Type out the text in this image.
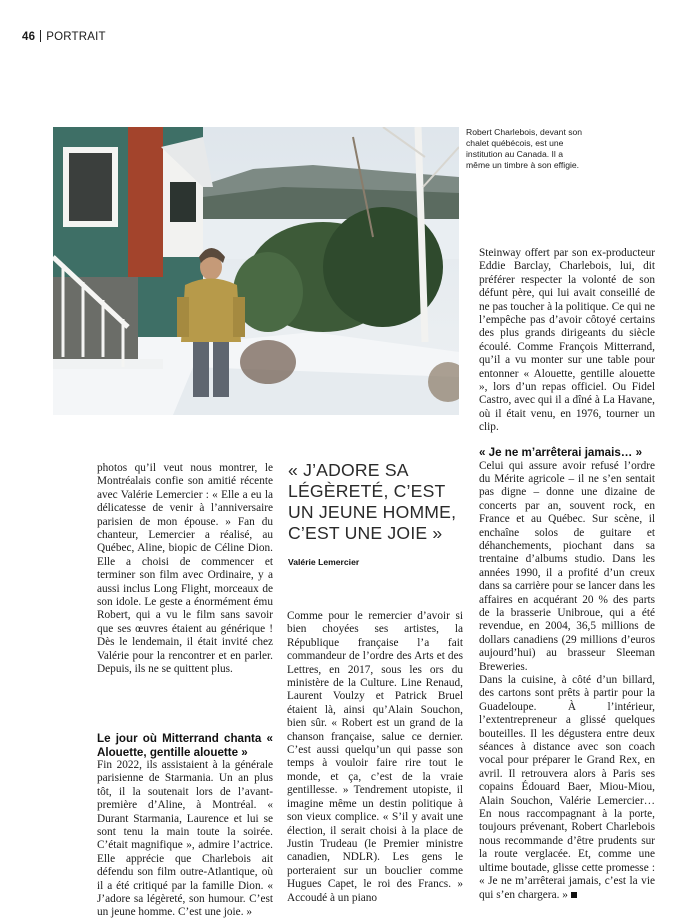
46 PORTRAIT
Robert Charlebois, devant son chalet québécois, est une institution au Canada. Il a même un timbre à son effigie.

photos qu’il veut nous montrer, le Montréalais confie son amitié récente avec Valérie Lemercier : « Elle a eu la délicatesse de venir à l’anniversaire parisien de mon épouse. » Fan du chanteur, Lemercier a réalisé, au Québec, Aline, biopic de Céline Dion. Elle a choisi de commencer et terminer son film avec Ordinaire, y a aussi inclus Long Flight, morceaux de son idole. Le geste a énormément ému Robert, qui a vu le film sans savoir que ses œuvres étaient au générique ! Dès le lendemain, il était invité chez Valérie pour la rencontrer et en parler. Depuis, ils ne se quittent plus.

Le jour où Mitterrand chanta « Alouette, gentille alouette »

Fin 2022, ils assistaient à la générale parisienne de Starmania. Un an plus tôt, il la soutenait lors de l’avant-première d’Aline, à Montréal. « Durant Starmania, Laurence et lui se sont tenu la main toute la soirée. C’était magnifique », admire l’actrice. Elle apprécie que Charlebois ait défendu son film outre-Atlantique, où il a été critiqué par la famille Dion. « J’adore sa légèreté, son humour. C’est un jeune homme. C’est une joie. »

« J’ADORE SA LÉGÈRETÉ, C’EST UN JEUNE HOMME, C’EST UNE JOIE »
Valérie Lemercier

Comme pour le remercier d’avoir si bien choyées ses artistes, la République française l’a fait commandeur de l’ordre des Arts et des Lettres, en 2017, sous les ors du ministère de la Culture. Line Renaud, Laurent Voulzy et Patrick Bruel étaient là, ainsi qu’Alain Souchon, bien sûr. « Robert est un grand de la chanson française, salue ce dernier. C’est aussi quelqu’un qui passe son temps à vouloir faire rire tout le monde, et ça, c’est de la vraie gentillesse. » Tendrement utopiste, il imagine même un destin politique à son vieux complice. « S’il y avait une élection, il serait choisi à la place de Justin Trudeau (le Premier ministre canadien, NDLR). Les gens le porteraient sur un bouclier comme Hugues Capet, le roi des Francs. » Accoudé à un piano

Steinway offert par son ex-producteur Eddie Barclay, Charlebois, lui, dit préférer respecter la volonté de son défunt père, qui lui avait conseillé de ne pas toucher à la politique. Ce qui ne l’empêche pas d’avoir côtoyé certains des plus grands dirigeants du siècle écoulé. Comme François Mitterrand, qu’il a vu monter sur une table pour entonner « Alouette, gentille alouette », lors d’un repas officiel. Ou Fidel Castro, avec qui il a dîné à La Havane, où il était venu, en 1976, tourner un clip.

« Je ne m’arrêterai jamais… »

Celui qui assure avoir refusé l’ordre du Mérite agricole – il ne s’en sentait pas digne – donne une dizaine de concerts par an, souvent rock, en France et au Québec. Sur scène, il enchaîne solos de guitare et déhanchements, piochant dans sa trentaine d’albums studio. Dans les années 1990, il a profité d’un creux dans sa carrière pour se lancer dans les affaires en acquérant 20 % des parts de la brasserie Unibroue, qui a été revendue, en 2004, 36,5 millions de dollars canadiens (29 millions d’euros aujourd’hui) au brasseur Sleeman Breweries.

Dans la cuisine, à côté d’un billard, des cartons sont prêts à partir pour la Guadeloupe. À l’intérieur, l’extentrepreneur a glissé quelques bouteilles. Il les dégustera entre deux séances à distance avec son coach vocal pour préparer le Grand Rex, en avril. Il retrouvera alors à Paris ses copains Édouard Baer, Miou-Miou, Alain Souchon, Valérie Lemercier… En nous raccompagnant à la porte, toujours prévenant, Robert Charlebois nous recommande d’être prudents sur la route verglacée. Et, comme une ultime boutade, glisse cette promesse : « Je ne m’arrêterai jamais, c’est la vie qui s’en chargera. »
